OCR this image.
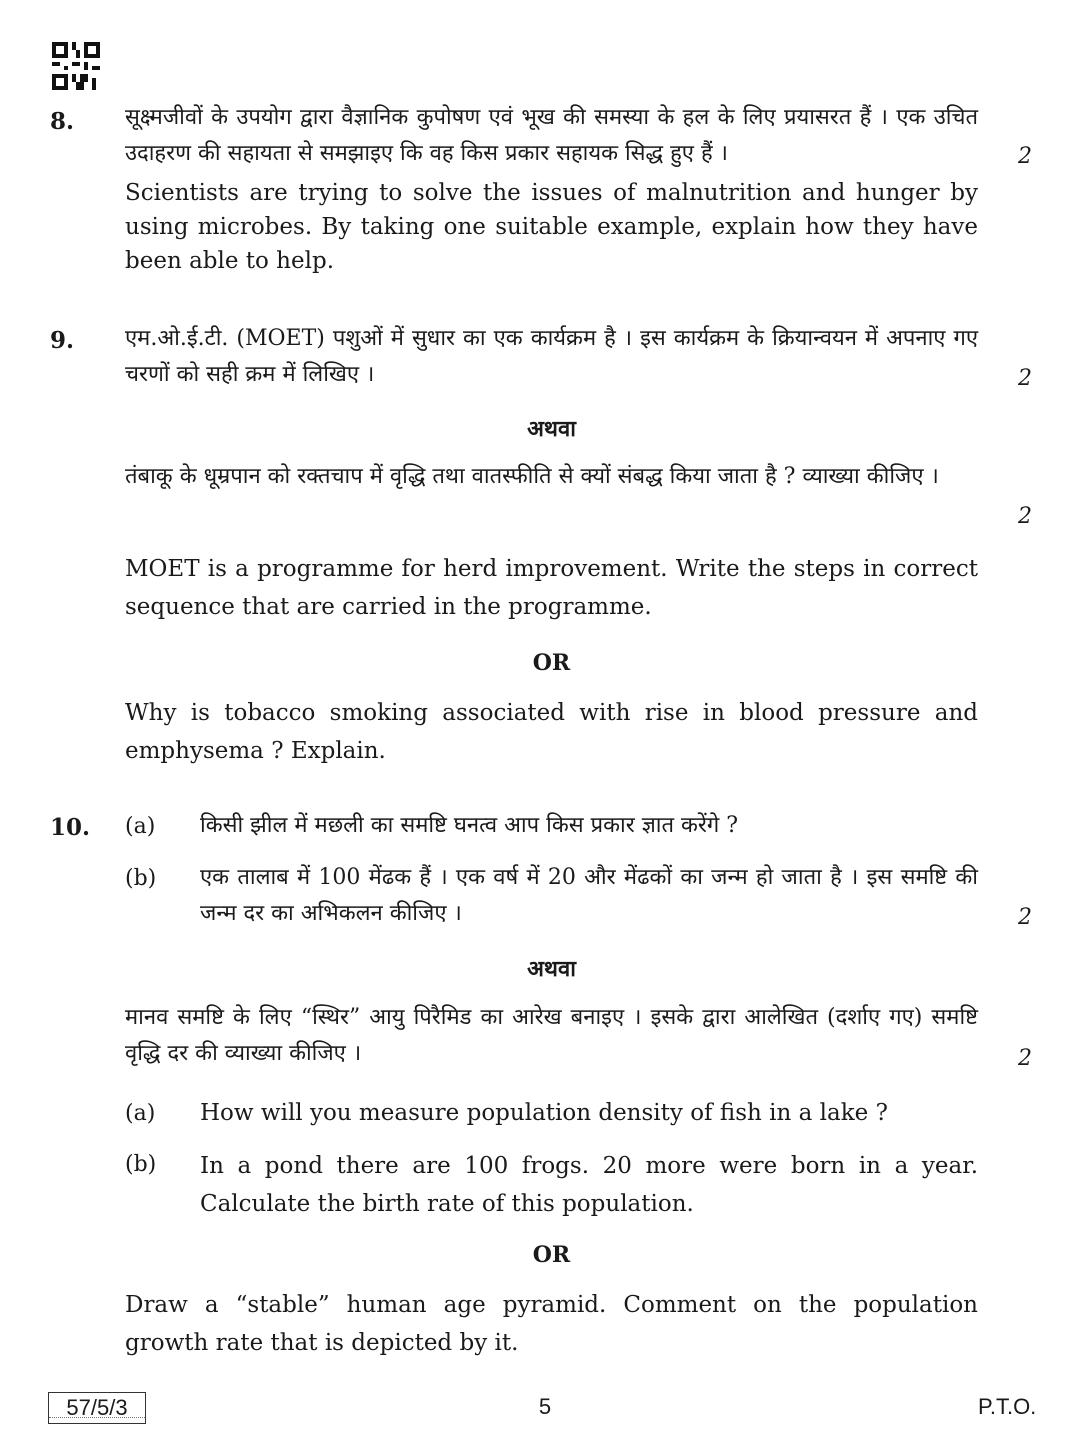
8. सूक्ष्मजीवों के उपयोग द्वारा वैज्ञानिक कुपोषण एवं भूख की समस्या के हल के लिए प्रयासरत हैं । एक उचित उदाहरण की सहायता से समझाइए कि वह किस प्रकार सहायक सिद्ध हुए हैं ।	2
Scientists are trying to solve the issues of malnutrition and hunger by using microbes. By taking one suitable example, explain how they have been able to help.
9. एम.ओ.ई.टी. (MOET) पशुओं में सुधार का एक कार्यक्रम है । इस कार्यक्रम के क्रियान्वयन में अपनाए गए चरणों को सही क्रम में लिखिए ।	2
अथवा
तंबाकू के धूम्रपान को रक्तचाप में वृद्धि तथा वातस्फीति से क्यों संबद्ध किया जाता है ? व्याख्या कीजिए ।
2
MOET is a programme for herd improvement. Write the steps in correct sequence that are carried in the programme.
OR
Why is tobacco smoking associated with rise in blood pressure and emphysema ? Explain.
10. (a) किसी झील में मछली का समष्टि घनत्व आप किस प्रकार ज्ञात करेंगे ?
(b) एक तालाब में 100 मेंढक हैं । एक वर्ष में 20 और मेंढकों का जन्म हो जाता है । इस समष्टि की जन्म दर का अभिकलन कीजिए ।	2
अथवा
मानव समष्टि के लिए “स्थिर” आयु पिरैमिड का आरेख बनाइए । इसके द्वारा आलेखित (दर्शाए गए) समष्टि वृद्धि दर की व्याख्या कीजिए ।	2
(a) How will you measure population density of fish in a lake ?
(b) In a pond there are 100 frogs. 20 more were born in a year. Calculate the birth rate of this population.
OR
Draw a “stable” human age pyramid. Comment on the population growth rate that is depicted by it.
57/5/3	5	P.T.O.
